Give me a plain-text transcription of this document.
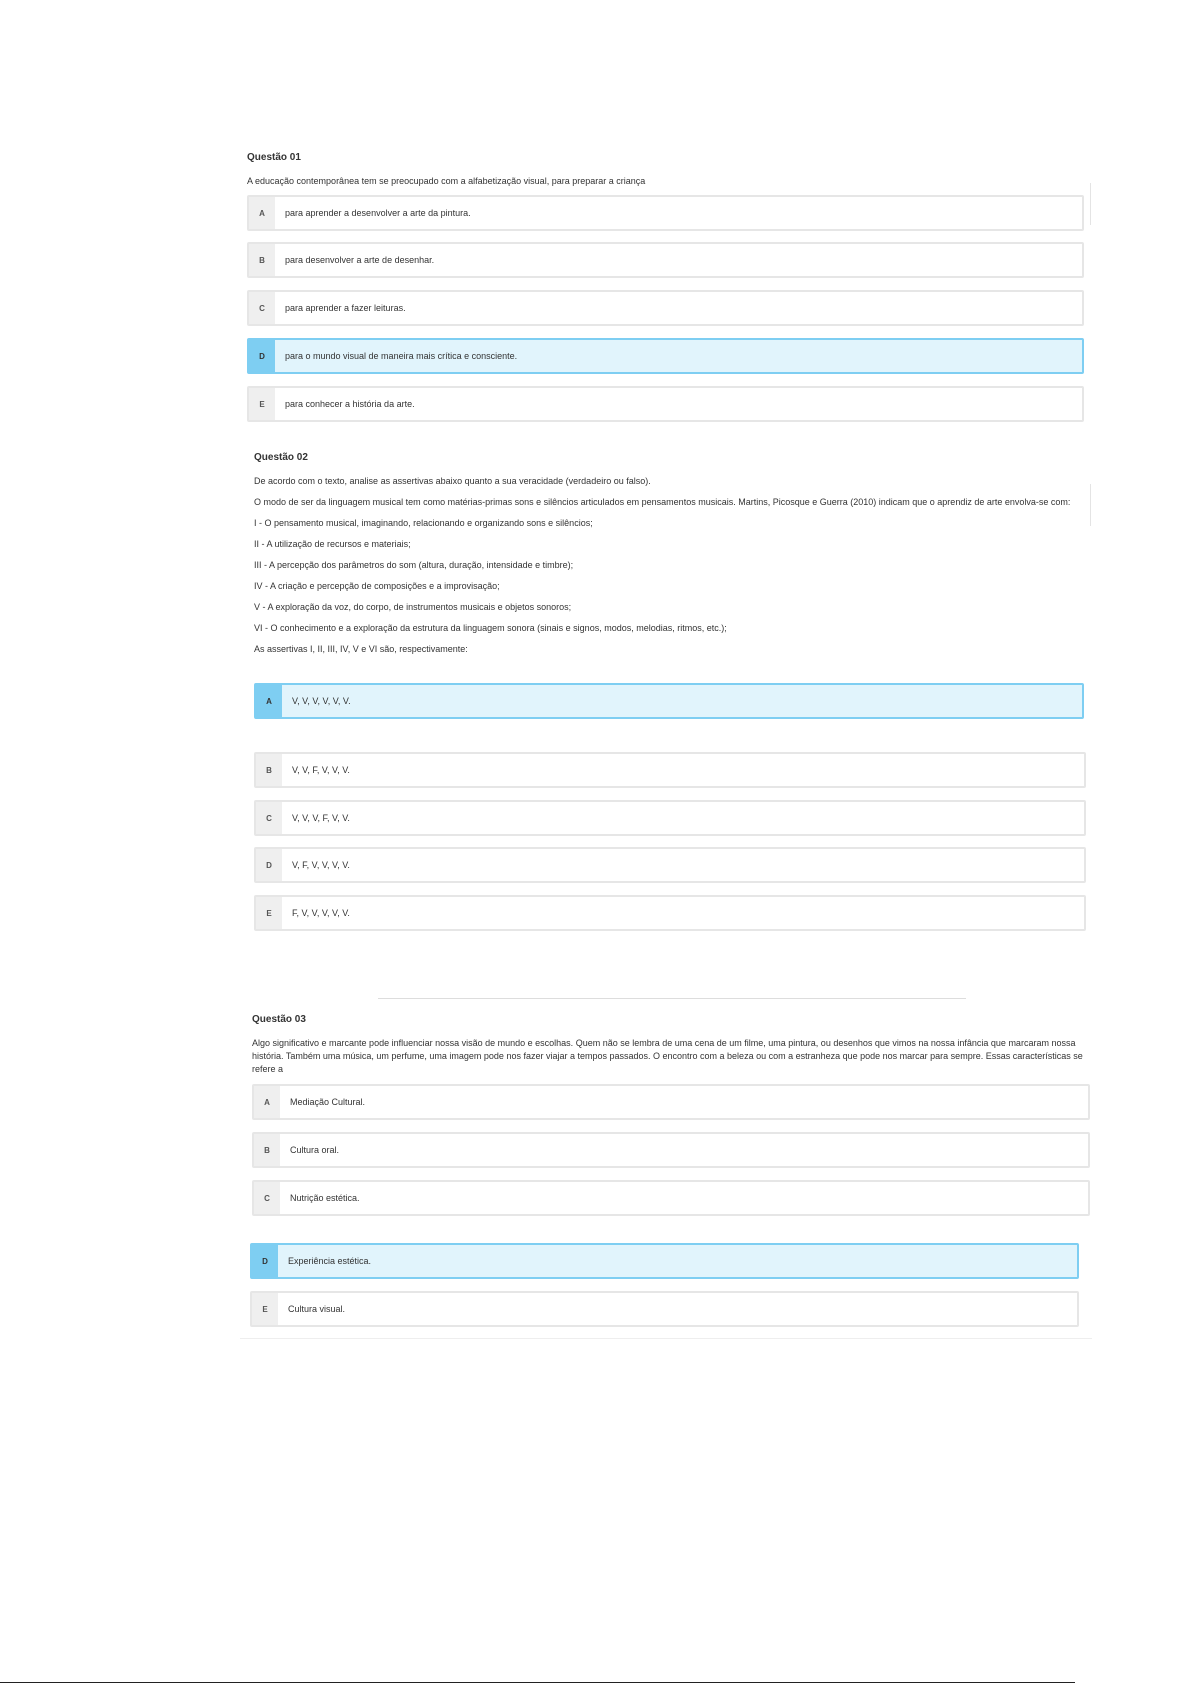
Questão 01
A educação contemporânea tem se preocupado com a alfabetização visual, para preparar a criança
A	para aprender a desenvolver a arte da pintura.
B	para desenvolver a arte de desenhar.
C	para aprender a fazer leituras.
D	para o mundo visual de maneira mais crítica e consciente.
E	para conhecer a história da arte.
Questão 02
De acordo com o texto, analise as assertivas abaixo quanto a sua veracidade (verdadeiro ou falso).
O modo de ser da linguagem musical tem como matérias-primas sons e silêncios articulados em pensamentos musicais. Martins, Picosque e Guerra (2010) indicam que o aprendiz de arte envolva-se com:
I - O pensamento musical, imaginando, relacionando e organizando sons e silêncios;
II - A utilização de recursos e materiais;
III - A percepção dos parâmetros do som (altura, duração, intensidade e timbre);
IV - A criação e percepção de composições e a improvisação;
V - A exploração da voz, do corpo, de instrumentos musicais e objetos sonoros;
VI - O conhecimento e a exploração da estrutura da linguagem sonora (sinais e signos, modos, melodias, ritmos, etc.);
As assertivas I, II, III, IV, V e VI são, respectivamente:
A	V, V, V, V, V, V.
B	V, V, F, V, V, V.
C	V, V, V, F, V, V.
D	V, F, V, V, V, V.
E	F, V, V, V, V, V.
Questão 03
Algo significativo e marcante pode influenciar nossa visão de mundo e escolhas. Quem não se lembra de uma cena de um filme, uma pintura, ou desenhos que vimos na nossa infância que marcaram nossa história. Também uma música, um perfume, uma imagem pode nos fazer viajar a tempos passados. O encontro com a beleza ou com a estranheza que pode nos marcar para sempre. Essas características se refere a
A	Mediação Cultural.
B	Cultura oral.
C	Nutrição estética.
D	Experiência estética.
E	Cultura visual.
